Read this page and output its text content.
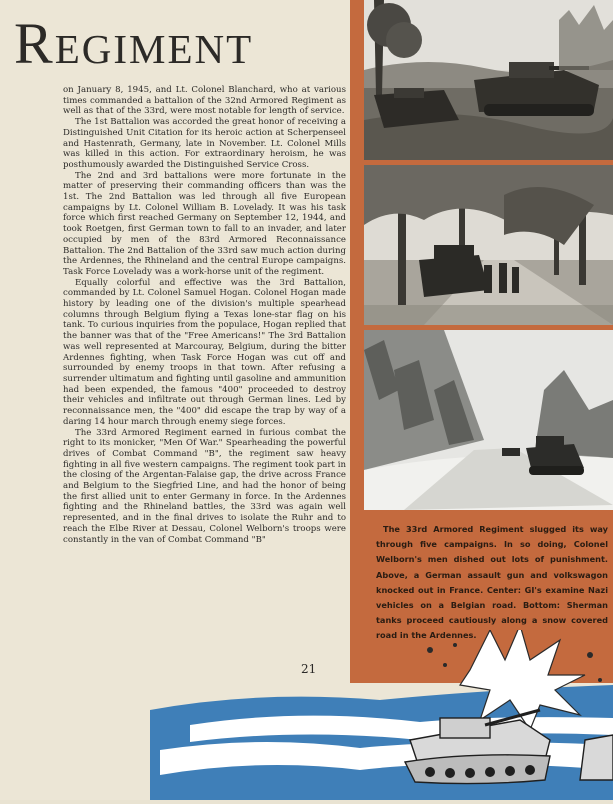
REGIMENT

on January 8, 1945, and Lt. Colonel Blanchard, who at various times commanded a battalion of the 32nd Armored Regiment as well as that of the 33rd, were most notable for length of service.

The 1st Battalion was accorded the great honor of receiving a Distinguished Unit Citation for its heroic action at Scherpenseel and Hastenrath, Germany, late in November. Lt. Colonel Mills was killed in this action. For extraordinary heroism, he was posthumously awarded the Distinguished Service Cross.

The 2nd and 3rd battalions were more fortunate in the matter of preserving their commanding officers than was the 1st. The 2nd Battalion was led through all five European campaigns by Lt. Colonel William B. Lovelady. It was his task force which first reached Germany on September 12, 1944, and took Roetgen, first German town to fall to an invader, and later occupied by men of the 83rd Armored Reconnaissance Battalion. The 2nd Battalion of the 33rd saw much action during the Ardennes, the Rhineland and the central Europe campaigns. Task Force Lovelady was a work-horse unit of the regiment.

Equally colorful and effective was the 3rd Battalion, commanded by Lt. Colonel Samuel Hogan. Colonel Hogan made history by leading one of the division's multiple spearhead columns through Belgium flying a Texas lone-star flag on his tank. To curious inquiries from the populace, Hogan replied that the banner was that of the "Free Americans!" The 3rd Battalion was well represented at Marcouray, Belgium, during the bitter Ardennes fighting, when Task Force Hogan was cut off and surrounded by enemy troops in that town. After refusing a surrender ultimatum and fighting until gasoline and ammunition had been expended, the famous "400" proceeded to destroy their vehicles and infiltrate out through German lines. Led by reconnaissance men, the "400" did escape the trap by way of a daring 14 hour march through enemy siege forces.

The 33rd Armored Regiment earned in furious combat the right to its monicker, "Men Of War." Spearheading the powerful drives of Combat Command "B", the regiment saw heavy fighting in all five western campaigns. The regiment took part in the closing of the Argentan-Falaise gap, the drive across France and Belgium to the Siegfried Line, and had the honor of being the first allied unit to enter Germany in force. In the Ardennes fighting and the Rhineland battles, the 33rd was again well represented, and in the final drives to isolate the Ruhr and to reach the Elbe River at Dessau, Colonel Welborn's troops were constantly in the van of Combat Command "B"

21
The 33rd Armored Regiment slugged its way through five campaigns. In so doing, Colonel Welborn's men dished out lots of punishment. Above, a German assault gun and volkswagon knocked out in France. Center: GI's examine Nazi vehicles on a Belgian road. Bottom: Sherman tanks proceed cautiously along a snow covered road in the Ardennes.
